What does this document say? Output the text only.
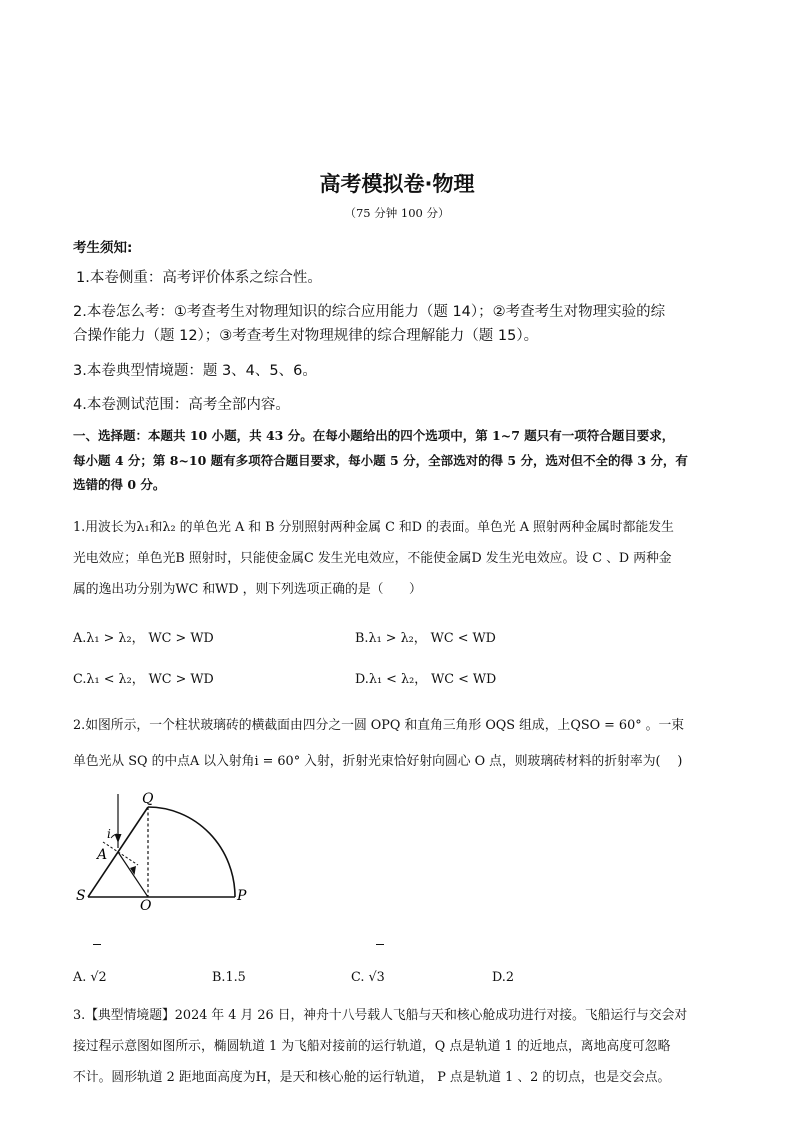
高考模拟卷·物理
（75 分钟 100 分）
考生须知:
1.本卷侧重：高考评价体系之综合性。
2.本卷怎么考：①考查考生对物理知识的综合应用能力（题 14）；②考查考生对物理实验的综
合操作能力（题 12）；③考查考生对物理规律的综合理解能力（题 15）。
3.本卷典型情境题：题 3、4、5、6。
4.本卷测试范围：高考全部内容。
一、选择题：本题共 10 小题，共 43 分。在每小题给出的四个选项中，第 1~7 题只有一项符合题目要求，
每小题 4 分；第 8~10 题有多项符合题目要求，每小题 5 分，全部选对的得 5 分，选对但不全的得 3 分，有
选错的得 0 分。
1.用波长为λ₁和λ₂ 的单色光 A 和 B 分别照射两种金属 C 和D 的表面。单色光 A 照射两种金属时都能发生
光电效应；单色光B 照射时，只能使金属C 发生光电效应，不能使金属D 发生光电效应。设 C 、D 两种金
属的逸出功分别为WC 和WD ，则下列选项正确的是（　　）
A.λ₁ > λ₂， WC > WD	B.λ₁ > λ₂， WC < WD
C.λ₁ < λ₂， WC > WD	D.λ₁ < λ₂， WC < WD
2.如图所示，一个柱状玻璃砖的横截面由四分之一圆 OPQ 和直角三角形 OQS 组成，上QSO = 60° 。一束
单色光从 SQ 的中点A 以入射角i = 60° 入射，折射光束恰好射向圆心 O 点，则玻璃砖材料的折射率为(　 )
Q
i
A
S
O
P
A. √2	B.1.5	C. √3	D.2
3.【典型情境题】2024 年 4 月 26 日，神舟十八号载人飞船与天和核心舱成功进行对接。飞船运行与交会对
接过程示意图如图所示，椭圆轨道 1 为飞船对接前的运行轨道，Q 点是轨道 1 的近地点，离地高度可忽略
不计。圆形轨道 2 距地面高度为H，是天和核心舱的运行轨道， P 点是轨道 1 、2 的切点，也是交会点。
